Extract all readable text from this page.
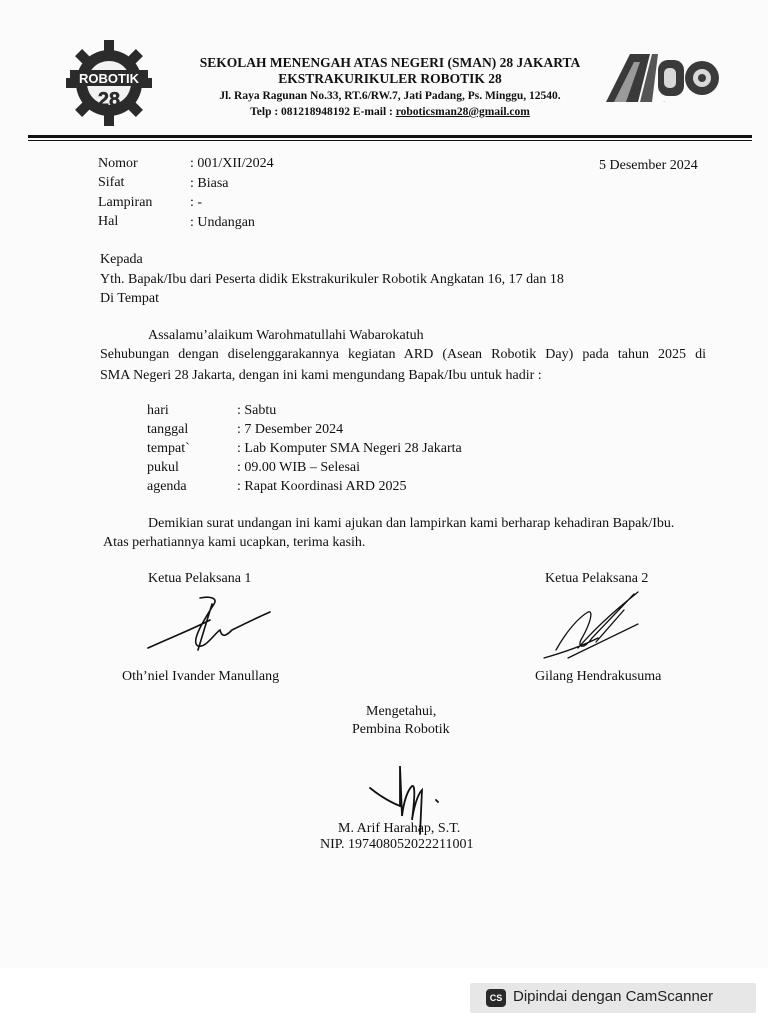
ROBOTIK
28
SEKOLAH MENENGAH ATAS NEGERI (SMAN) 28 JAKARTA
EKSTRAKURIKULER ROBOTIK 28
Jl. Raya Ragunan No.33, RT.6/RW.7, Jati Padang, Ps. Minggu, 12540.
Telp : 081218948192 E-mail : roboticsman28@gmail.com
ARD
Nomor	: 001/XII/2024
Sifat	: Biasa
Lampiran	: -
Hal	: Undangan
5 Desember 2024
Kepada
Yth. Bapak/Ibu dari Peserta didik Ekstrakurikuler Robotik Angkatan 16, 17 dan 18
Di Tempat
Assalamu’alaikum Warohmatullahi Wabarokatuh
Sehubungan dengan diselenggarakannya kegiatan ARD (Asean Robotik Day) pada tahun 2025 di
SMA Negeri 28 Jakarta, dengan ini kami mengundang Bapak/Ibu untuk hadir :
hari	: Sabtu
tanggal	: 7 Desember 2024
tempat`	: Lab Komputer SMA Negeri 28 Jakarta
pukul	: 09.00 WIB – Selesai
agenda	: Rapat Koordinasi ARD 2025
Demikian surat undangan ini kami ajukan dan lampirkan kami berharap kehadiran Bapak/Ibu.
Atas perhatiannya kami ucapkan, terima kasih.
Ketua Pelaksana 1	Ketua Pelaksana 2
Oth’niel Ivander Manullang	Gilang Hendrakusuma
Mengetahui,
Pembina Robotik
M. Arif Harahap, S.T.
NIP. 197408052022211001
CS Dipindai dengan CamScanner
